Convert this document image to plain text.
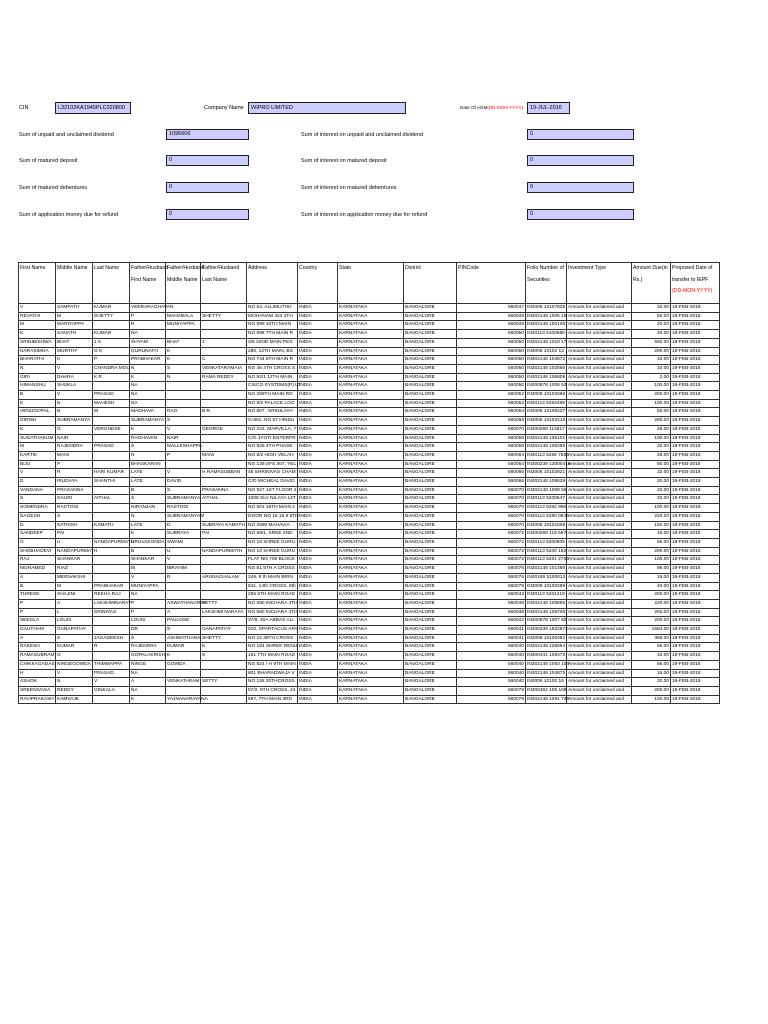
CIN	L32102KA1945PLC020800	Company Name	WIPRO LIMITED	Date Of AGM(DD-MON-YYYY)	19-JUL-2016
Sum of unpaid and unclaimed dividend	1096606
Sum of matured deposit	0
Sum of matured debentures	0
Sum of application money due for refund	0
Sum of interest on unpaid and unclaimed dividend	0
Sum of interest on matured deposit	0
Sum of interest on matured debentures	0
Sum of interest on application money due for refund	0
First Name	Middle Name	Last Name	Father/Husband First Name	Father/Husband Middle Name	Father/Husband Last Name	Address	Country	State	District	PINCode	Folio Number of Securities	Investment Type	Amount Due(in Rs.)	Proposed Date of transfer to IEPF
(DD-MON-YYYY)
V	SAMPATH	KUMAR	VEERARAGHAVAN			NO 54, ALLIMUTHU	INDIA	KARNATAKA	BANGALORE	560047	IN3006 10107829	Amount for unclaimed and	32.00	19-FEB-2018
REVATHI	M	SHETTY	P	MAHABALA	SHETTY	MOHANAM 424 4TH	INDIA	KARNATAKA	BANGALORE	560049	IN302148 1005 18	Amount for unclaimed and	50.00	19-FEB-2018
M	MARIYAPPA		R	MUNIYAPPA		NO 999 10TH MAIN	INDIA	KARNATAKA	BANGALORE	560049	IN302148 100106	Amount for unclaimed and	20.00	19-FEB-2018
K	SANATH	KUMAR	NA			NO 998 7TH MAIN R	INDIA	KARNATAKA	BANGALORE	560050	IN30113 5100686	Amount for unclaimed and	40.00	19-FEB-2018
SRINIBISHWA	BHAT	J S	SHYAM	BHAT	J	3/6 22ND MAIN PES	INDIA	KARNATAKA	BANGALORE	560050	IN302148 1018 17	Amount for unclaimed and	592.00	19-FEB-2018
NARASIMHA	MURTHY	G K	GURUNATH	K		280, 12TH MAIN, BS	INDIA	KARNATAKA	BANGALORE	560050	IN3006 10102 13	Amount for unclaimed and	200.00	19-FEB-2018
BHARATHI	K	P	PRABHAKAR	K	C	NO 744 6TH MAIN R	INDIA	KARNATAKA	BANGALORE	560050	IN302148 104672	Amount for unclaimed and	32.00	19-FEB-2018
N	V	CHANDRA MOU	N	S	VENKATARAMAIA	NO 48 4TH CROSS S	INDIA	KARNATAKA	BANGALORE	560050	IN302148 102566	Amount for unclaimed and	10.00	19-FEB-2018
GIRI	DHARA	K R	K	N	RAMA REDDY	NO 92/1 12TH MAIN	INDIA	KARNATAKA	BANGALORE	560050	IN302148 106809	Amount for unclaimed and	2.00	19-FEB-2018
HIMANSHU	SHUKLA		NA			CISCO SYSTEMS(P) LT	INDIA	KARNATAKA	BANGALORE	560050	IN300878 1006 53	Amount for unclaimed and	100.00	19-FEB-2018
B	V	PRASAD	NA			NO 258TH MAIN RO	INDIA	KARNATAKA	BANGALORE	560052	IN3006 10102666	Amount for unclaimed and	200.00	19-FEB-2018
K	N	MAHESH	NA			NO 8/2 PALACE LOO	INDIA	KARNATAKA	BANGALORE	560052	IN30113 5264489	Amount for unclaimed and	100.00	19-FEB-2018
VENUGOPAL	B	M	MADHAVA	RAO	B R	NO.807, 'SRINILAYA'	INDIA	KARNATAKA	BANGALORE	560054	IN3006 10106427	Amount for unclaimed and	50.00	19-FEB-2018
GIRISH	SUBRAMANYA		SUBRAMANYA	S		G-801, NO 67 HINDU	INDIA	KARNATAKA	BANGALORE	560066	IN3006 10102416	Amount for unclaimed and	260.00	19-FEB-2018
K	G	VERGHESE	K	V	GEORGE	NO 222, MARVILLA, 7	INDIA	KARNATAKA	BANGALORE	560070	IN300269 114817	Amount for unclaimed and	26.00	19-FEB-2018
SUGATHAKUM	NAIR		RAGHAVAN	NAIR		C/O JYOTI ENTERPR	INDIA	KARNATAKA	BANGALORE	560058	IN302148 105101	Amount for unclaimed and	100.00	19-FEB-2018
M	RAJENDRA	PRASAD	S	MALLESHAPPA		NO 826 4TH PHASE	INDIA	KARNATAKA	BANGALORE	560058	IN302148 106265	Amount for unclaimed and	32.00	19-FEB-2018
KARTIK	MANI		N	P	MANI	NO 8/2 HIGH VELAH	INDIA	KARNATAKA	BANGALORE	560064	IN30113 5266 7586	Amount for unclaimed and	26.00	19-FEB-2018
BIJU	P		BHASKARAN			NO 139,SFS 407, YEL	INDIA	KARNATAKA	BANGALORE	560064	IN300239 13000416	Amount for unclaimed and	80.00	19-FEB-2018
V	R	HARI KUMAR	LATE	V	H RAMASUBBAN	48 SHRINIVAS CHAM	INDIA	KARNATAKA	BANGALORE	560065	IN3006 10102821	Amount for unclaimed and	32.00	19-FEB-2018
D	IRUDAYA	SHANTHI	LATE	DAVID		C/O MICHEAL DAVID	INDIA	KARNATAKA	BANGALORE	560066	IN302148 108629	Amount for unclaimed and	20.00	19-FEB-2018
VANDANA	PRASANNA		B	S	PRASANNA	NO 927 1ST FLOOR 2	INDIA	KARNATAKA	BANGALORE	560070	IN302148 1089 56	Amount for unclaimed and	32.00	19-FEB-2018
S	GAURI	AITHAL	S	SUBRAMANYA	AITHAL	1008 SLV NILAYA 14T	INDIA	KARNATAKA	BANGALORE	560070	IN30113 5200647	Amount for unclaimed and	32.00	19-FEB-2018
SOMENDRA	RASTOGI		NIRANJAN	RASTOGI		NO 501 18TH MAIN 2	INDIA	KARNATAKA	BANGALORE	560070	IN30113 5262 966	Amount for unclaimed and	100.00	19-FEB-2018
NAGESH	S		N	SUBRAMANYAM		DOOR NO 16 15 9 6TH	INDIA	KARNATAKA	BANGALORE	560070	IN30113 5290 0646	Amount for unclaimed and	220.00	19-FEB-2018
D	SATHISH	KAMATH	LATE	D	SUBRAYA KAMATH	NO 2590 MAHAVIA	INDIA	KARNATAKA	BANGALORE	560070	IN3006 10101606	Amount for unclaimed and	192.00	19-FEB-2018
SANDEEP	PAI		K	SUBRAYA	PAI	NO 59/1, SREE 2ND	INDIA	KARNATAKA	BANGALORE	560072	IN300269 119 597	Amount for unclaimed and	16.00	19-FEB-2018
G	U	NANDAPURMATH	URUVAKONDA	SWAMI		NO 18 SHREE GURU	INDIA	KARNATAKA	BANGALORE	560072	IN30113 5200806	Amount for unclaimed and	66.00	19-FEB-2018
SHOBHADEVI	NANDAPURMATH		B	U	NANDAPURMATH	NO 18 SHREE GURU	INDIA	KARNATAKA	BANGALORE	560072	IN30113 5200 152	Amount for unclaimed and	200.00	19-FEB-2018
RAJ	SHANKAR		SHANKAR	V		FLAT NO 706 BLOCK	INDIA	KARNATAKA	BANGALORE	560072	IN30113 5261 2766	Amount for unclaimed and	100.00	19-FEB-2018
MOHAMED	RIAZ		M	IBRAHIM		NO 61 5TH A CROSS	INDIA	KARNATAKA	BANGALORE	560076	IN302148 101488	Amount for unclaimed and	96.00	19-FEB-2018
A	MEENAKSHI		V	R	ARUNACHALAM	249, 9 th MAIN BRIN	INDIA	KARNATAKA	BANGALORE	560076	IN30189 5100013	Amount for unclaimed and	16.00	19-FEB-2018
B	M	PRABHAKAR	MUNIYAPPA			841, 14th CROSS, 8th	INDIA	KARNATAKA	BANGALORE	560078	IN3006 10100289	Amount for unclaimed and	40.00	19-FEB-2018
THRESE	SHAJINI	REKHA RAJ	NA			256 6TH MAIN ROAD	INDIA	KARNATAKA	BANGALORE	560043	IN30113 5201419	Amount for unclaimed and	200.00	19-FEB-2018
P	A	LAKSHMINARAY	P	ASWATHANARAY	SETTY	NO 580 INCHARA 4TH	INDIA	KARNATAKA	BANGALORE	560048	IN302148 106695	Amount for unclaimed and	220.00	19-FEB-2018
P	L	SRINIVAS	P	A	LAKSHMI NARAYA	NO 580 INCHARA 4TH	INDIA	KARNATAKA	BANGALORE	560048	IN302148 106706	Amount for unclaimed and	292.00	19-FEB-2018
SEEGLA	LOUIS		LOUIS	PAULOSE		37/8, 40A ABBAS ALI	INDIA	KARNATAKA	BANGALORE	560042	IN300878 1007 60	Amount for unclaimed and	200.00	19-FEB-2018
GAUTHAM	GANAPATHY		DR	S	GANAPATHY	010, SPARTACUS APA	INDIA	KARNATAKA	BANGALORE	560041	IN300239 1822874	Amount for unclaimed and	1584.00	19-FEB-2018
A	S	JAGADEESH	S	ASHWATHANA	SHETTY	NO 15 38TH CROSS	INDIA	KARNATAKA	BANGALORE	560041	IN3006 10100452	Amount for unclaimed and	366.00	19-FEB-2018
RAKESH	KUMAR	R	RAJENDRA	KUMAR	K	NO 184 SHREE RENU	INDIA	KARNATAKA	BANGALORE	560040	IN302148 126694	Amount for unclaimed and	66.00	19-FEB-2018
RAMASUBRAM	G		GOPALAKRISH	K	S	161 7TH MAIN ROAD	INDIA	KARNATAKA	BANGALORE	560040	IN300441 109473	Amount for unclaimed and	32.00	19-FEB-2018
CHIKKAGADAS	NINGEGOWDA	THIMMAPPA	NINGE	GOWDA		NO 824 / H 9TH MAIN	INDIA	KARNATAKA	BANGALORE	560040	IN302148 1083 104	Amount for unclaimed and	66.00	19-FEB-2018
H	V	PRASAD	NA			801 BHARADWAJA V	INDIA	KARNATAKA	BANGALORE	560040	IN302148 104875	Amount for unclaimed and	16.00	19-FEB-2018
ASHOK	N	V	A	VENKATARAM	SETTY	NO 128 20THCROSS	INDIA	KARNATAKA	BANGALORE	560040	IN3006 10100 18	Amount for unclaimed and	32.00	19-FEB-2018
SREENIVASA	REDDY	GINKALA	NA			57/2, 5TH CROSS, 24	INDIA	KARNATAKA	BANGALORE	560078	IN300484 105 108	Amount for unclaimed and	200.00	19-FEB-2018
RAVIPRAKASH	KAMVAJE		K	YAJNANARAYANA		687, 7TH MAIN 3RD	INDIA	KARNATAKA	BANGALORE	560078	IN302148 1091 746	Amount for unclaimed and	192.00	19-FEB-2018
